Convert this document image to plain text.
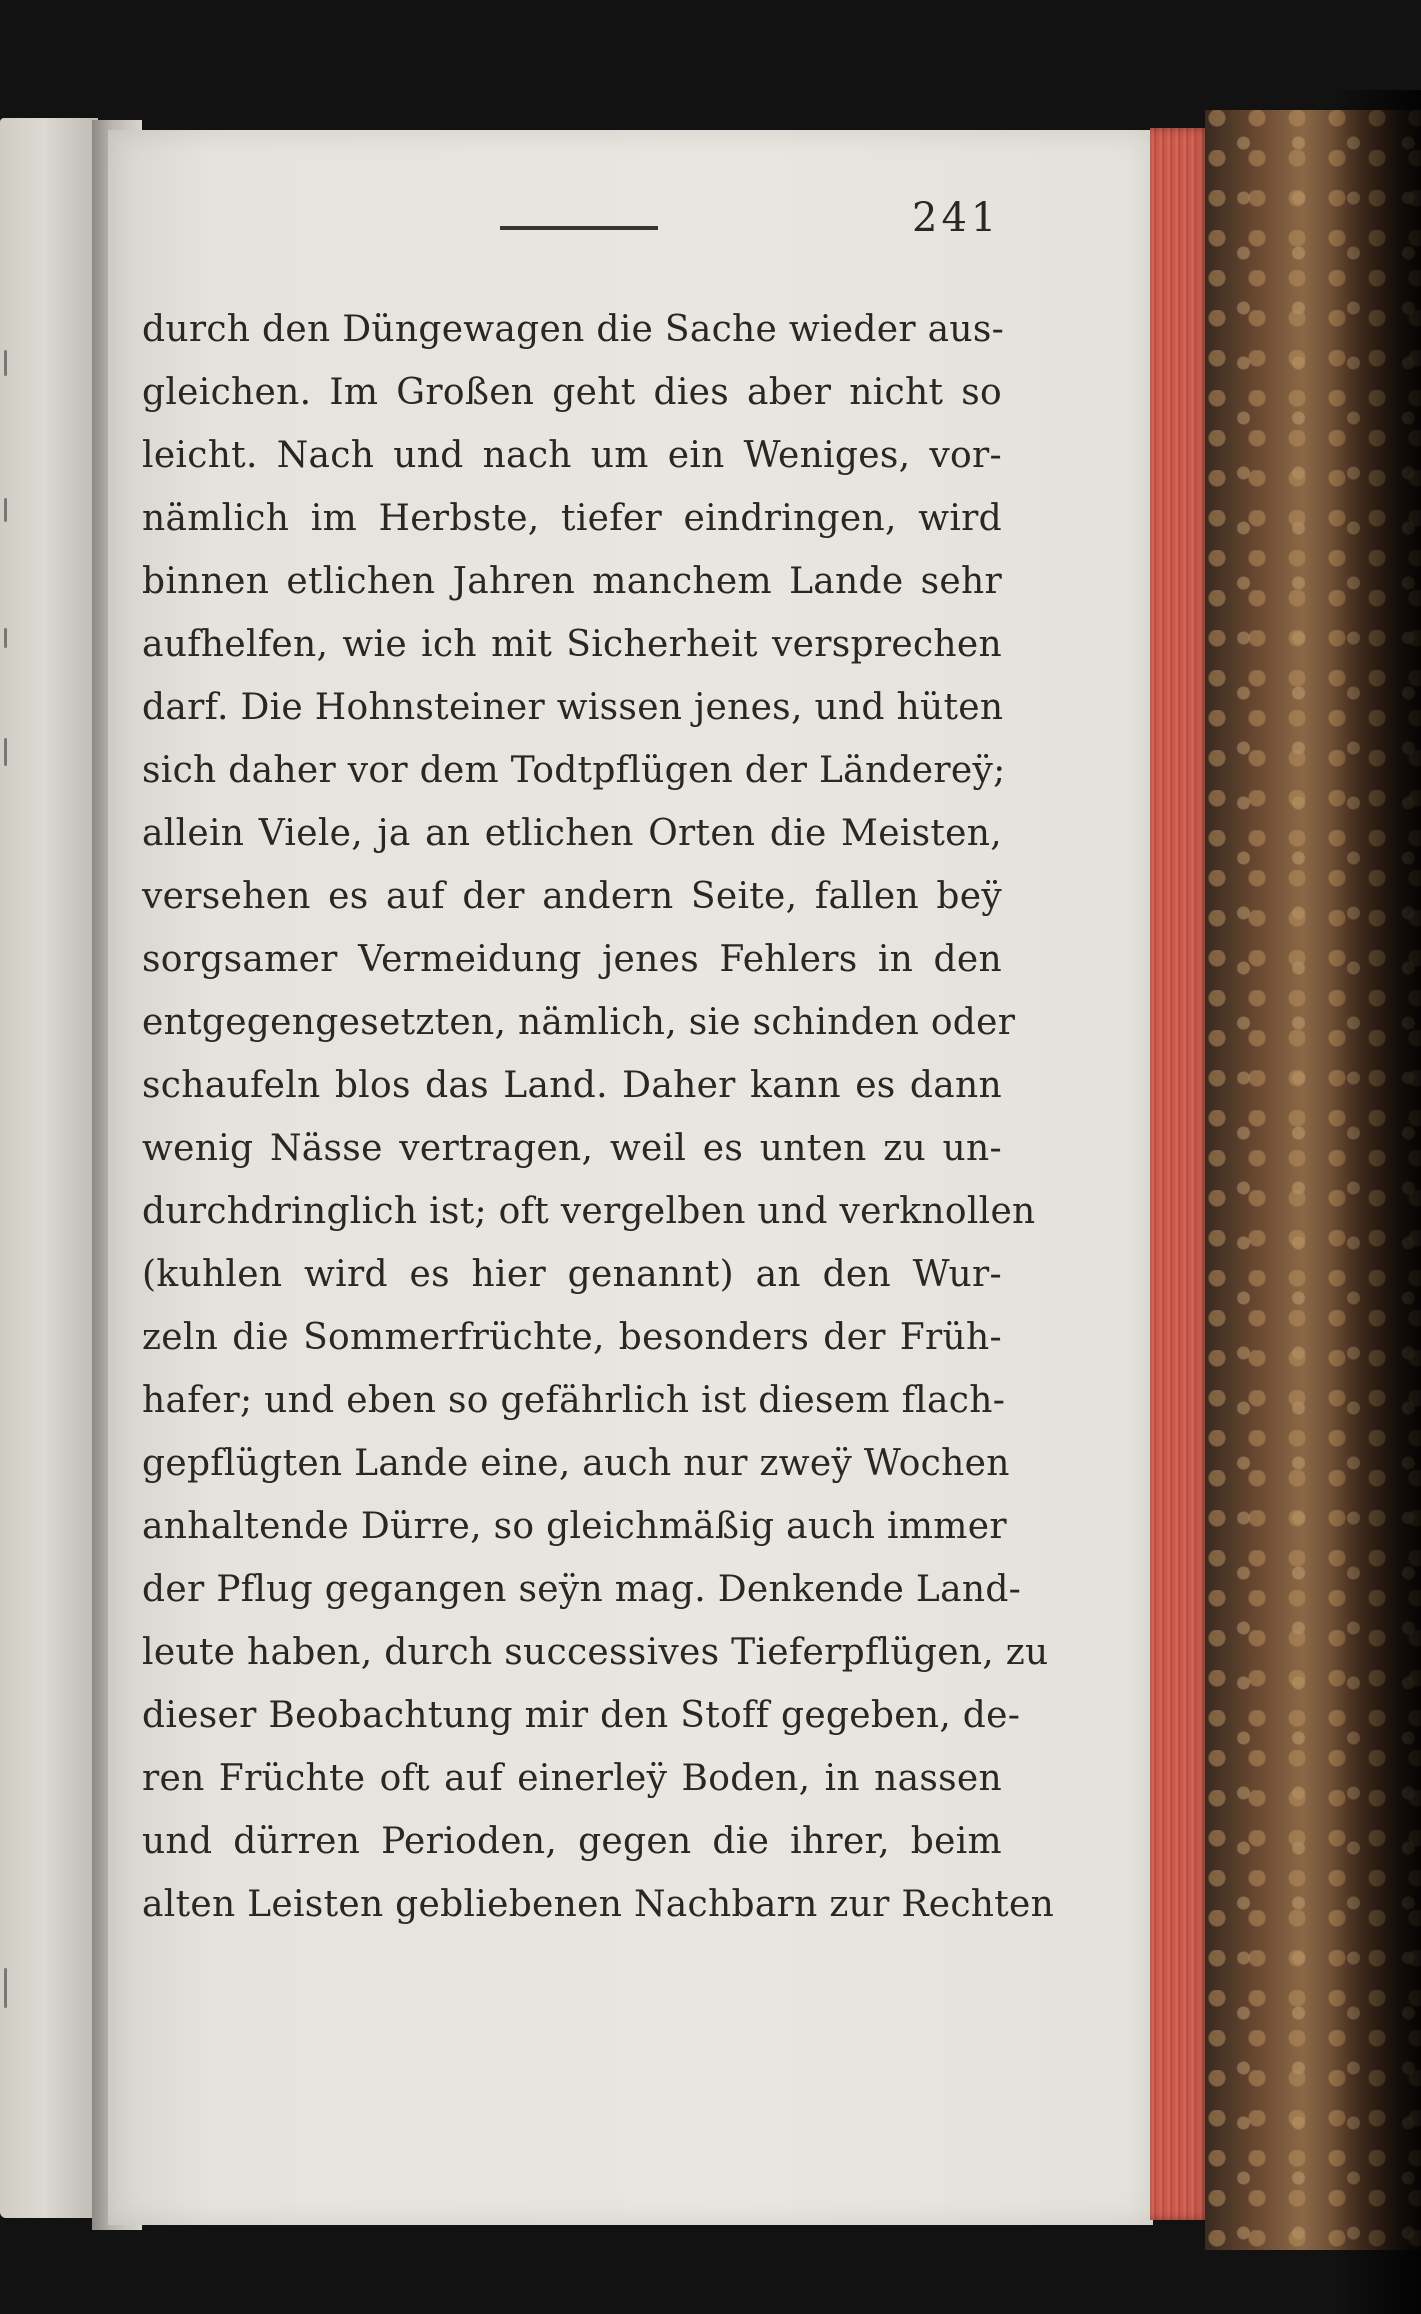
241
durch den Düngewagen die Sache wieder aus-
gleichen. Im Großen geht dies aber nicht so
leicht. Nach und nach um ein Weniges, vor-
nämlich im Herbste, tiefer eindringen, wird
binnen etlichen Jahren manchem Lande sehr
aufhelfen, wie ich mit Sicherheit versprechen
darf. Die Hohnsteiner wissen jenes, und hüten
sich daher vor dem Todtpflügen der Ländereÿ;
allein Viele, ja an etlichen Orten die Meisten,
versehen es auf der andern Seite, fallen beÿ
sorgsamer Vermeidung jenes Fehlers in den
entgegengesetzten, nämlich, sie schinden oder
schaufeln blos das Land. Daher kann es dann
wenig Nässe vertragen, weil es unten zu un-
durchdringlich ist; oft vergelben und verknollen
(kuhlen wird es hier genannt) an den Wur-
zeln die Sommerfrüchte, besonders der Früh-
hafer; und eben so gefährlich ist diesem flach-
gepflügten Lande eine, auch nur zweÿ Wochen
anhaltende Dürre, so gleichmäßig auch immer
der Pflug gegangen seÿn mag. Denkende Land-
leute haben, durch successives Tieferpflügen, zu
dieser Beobachtung mir den Stoff gegeben, de-
ren Früchte oft auf einerleÿ Boden, in nassen
und dürren Perioden, gegen die ihrer, beim
alten Leisten gebliebenen Nachbarn zur Rechten
